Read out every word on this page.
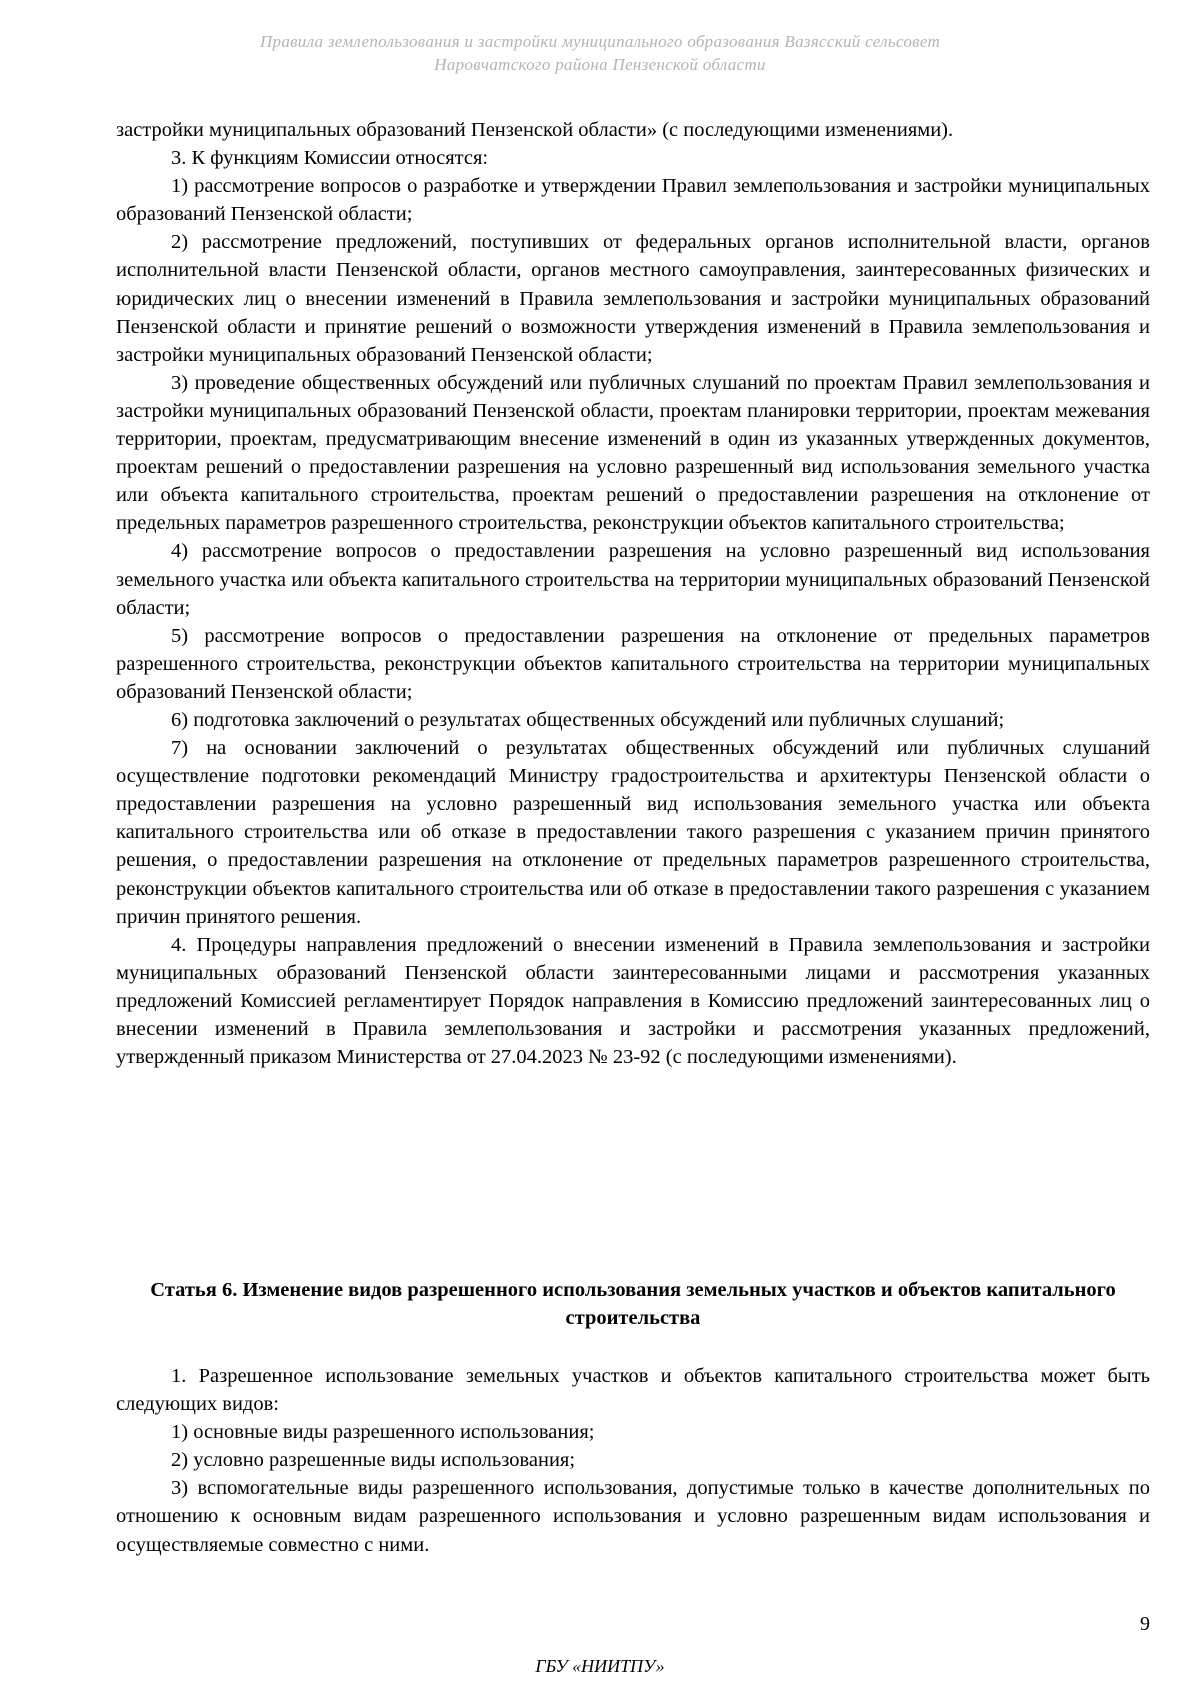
Правила землепользования и застройки муниципального образования Вазясский сельсовет
Наровчатского района Пензенской области

застройки муниципальных образований Пензенской области» (с последующими изменениями).

3. К функциям Комиссии относятся:

1) рассмотрение вопросов о разработке и утверждении Правил землепользования и застройки муниципальных образований Пензенской области;

2) рассмотрение предложений, поступивших от федеральных органов исполнительной власти, органов исполнительной власти Пензенской области, органов местного самоуправления, заинтересованных физических и юридических лиц о внесении изменений в Правила землепользования и застройки муниципальных образований Пензенской области и принятие решений о возможности утверждения изменений в Правила землепользования и застройки муниципальных образований Пензенской области;

3) проведение общественных обсуждений или публичных слушаний по проектам Правил землепользования и застройки муниципальных образований Пензенской области, проектам планировки территории, проектам межевания территории, проектам, предусматривающим внесение изменений в один из указанных утвержденных документов, проектам решений о предоставлении разрешения на условно разрешенный вид использования земельного участка или объекта капитального строительства, проектам решений о предоставлении разрешения на отклонение от предельных параметров разрешенного строительства, реконструкции объектов капитального строительства;

4) рассмотрение вопросов о предоставлении разрешения на условно разрешенный вид использования земельного участка или объекта капитального строительства на территории муниципальных образований Пензенской области;

5) рассмотрение вопросов о предоставлении разрешения на отклонение от предельных параметров разрешенного строительства, реконструкции объектов капитального строительства на территории муниципальных образований Пензенской области;

6) подготовка заключений о результатах общественных обсуждений или публичных слушаний;

7) на основании заключений о результатах общественных обсуждений или публичных слушаний осуществление подготовки рекомендаций Министру градостроительства и архитектуры Пензенской области о предоставлении разрешения на условно разрешенный вид использования земельного участка или объекта капитального строительства или об отказе в предоставлении такого разрешения с указанием причин принятого решения, о предоставлении разрешения на отклонение от предельных параметров разрешенного строительства, реконструкции объектов капитального строительства или об отказе в предоставлении такого разрешения с указанием причин принятого решения.

4. Процедуры направления предложений о внесении изменений в Правила землепользования и застройки муниципальных образований Пензенской области заинтересованными лицами и рассмотрения указанных предложений Комиссией регламентирует Порядок направления в Комиссию предложений заинтересованных лиц о внесении изменений в Правила землепользования и застройки и рассмотрения указанных предложений, утвержденный приказом Министерства от 27.04.2023 № 23-92 (с последующими изменениями).

Статья 6. Изменение видов разрешенного использования земельных участков и объектов капитального строительства

1. Разрешенное использование земельных участков и объектов капитального строительства может быть следующих видов:

1) основные виды разрешенного использования;

2) условно разрешенные виды использования;

3) вспомогательные виды разрешенного использования, допустимые только в качестве дополнительных по отношению к основным видам разрешенного использования и условно разрешенным видам использования и осуществляемые совместно с ними.

9
ГБУ «НИИТПУ»
